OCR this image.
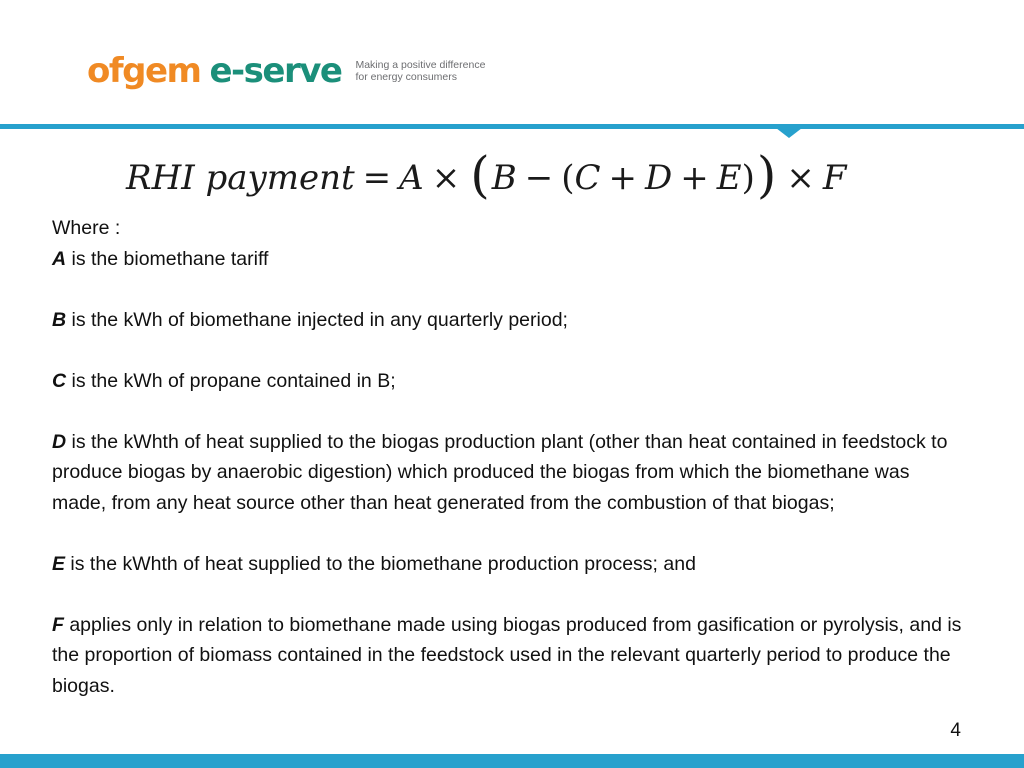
ofgem e-serve Making a positive difference
for energy consumers
RHI payment = A × ( B − ( C + D + E ) ) × F
Where :
A is the biomethane tariff
B is the kWh of biomethane injected in any quarterly period;
C is the kWh of propane contained in B;
D is the kWhth of heat supplied to the biogas production plant (other than heat contained in feedstock to produce biogas by anaerobic digestion) which produced the biogas from which the biomethane was made, from any heat source other than heat generated from the combustion of that biogas;
E is the kWhth of heat supplied to the biomethane production process; and
F applies only in relation to biomethane made using biogas produced from gasification or pyrolysis, and is the proportion of biomass contained in the feedstock used in the relevant quarterly period to produce the biogas.
4
